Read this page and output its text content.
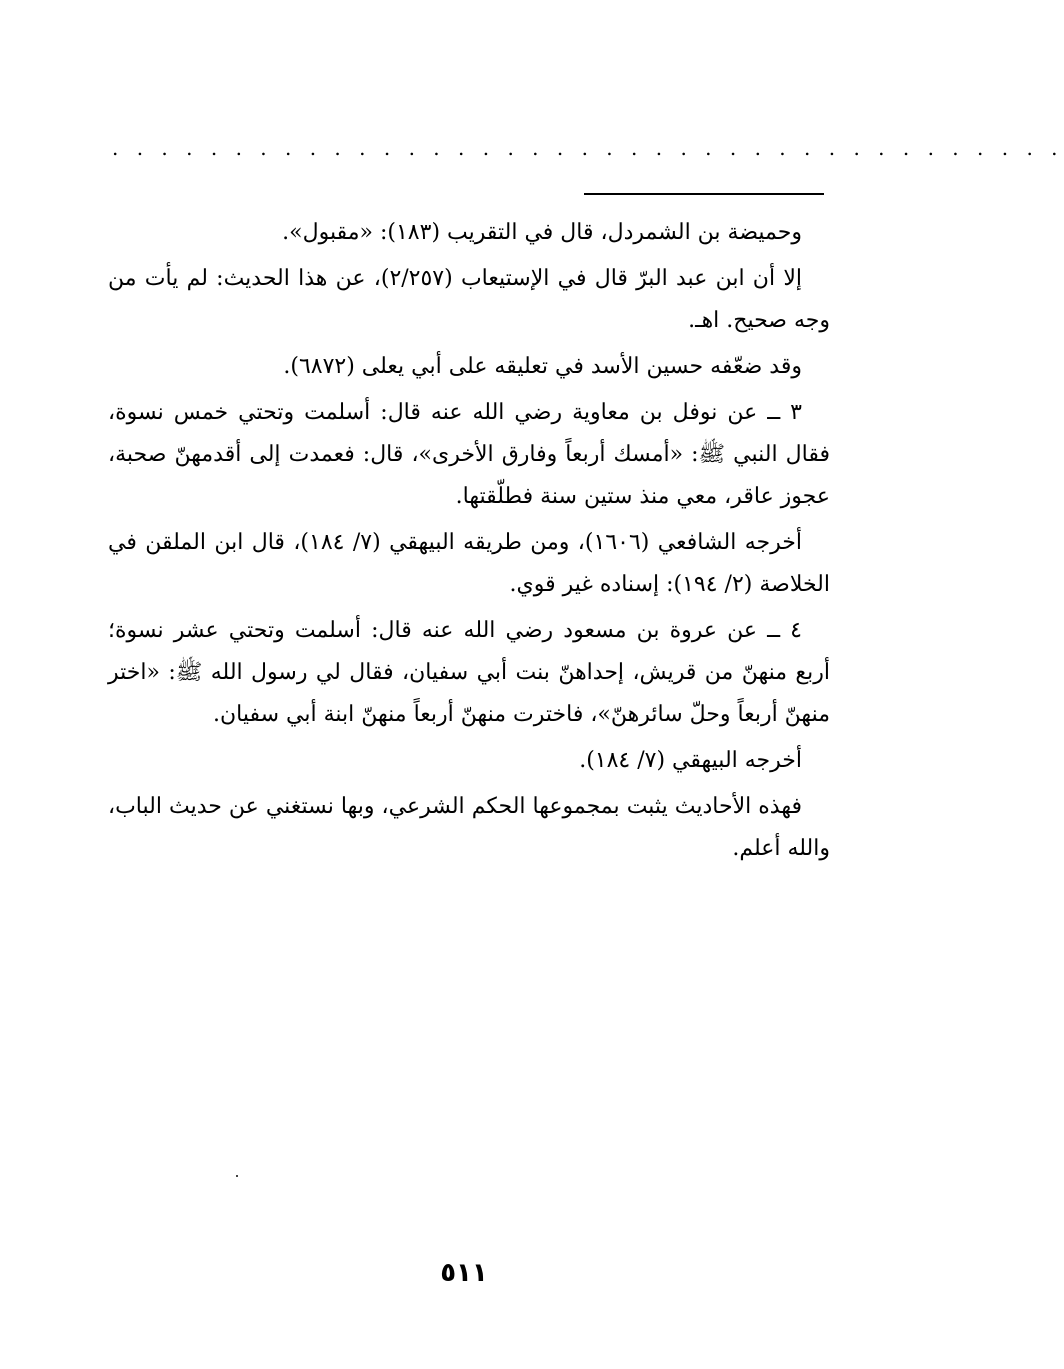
. . . . . . . . . . . . . . . . . . . . . . . . . . . . . . . . . . . . . . .

وحميضة بن الشمردل، قال في التقريب (١٨٣): «مقبول».

إلا أن ابن عبد البرّ قال في الإستيعاب (٢/٢٥٧)، عن هذا الحديث: لم يأت من وجه صحيح. اهـ.

وقد ضعّفه حسين الأسد في تعليقه على أبي يعلى (٦٨٧٢).

٣ ــ عن نوفل بن معاوية رضي الله عنه قال: أسلمت وتحتي خمس نسوة، فقال النبي ﷺ: «أمسك أربعاً وفارق الأخرى»، قال: فعمدت إلى أقدمهنّ صحبة، عجوز عاقر، معي منذ ستين سنة فطلّقتها.

أخرجه الشافعي (١٦٠٦)، ومن طريقه البيهقي (٧/ ١٨٤)، قال ابن الملقن في الخلاصة (٢/ ١٩٤): إسناده غير قوي.

٤ ــ عن عروة بن مسعود رضي الله عنه قال: أسلمت وتحتي عشر نسوة؛ أربع منهنّ من قريش، إحداهنّ بنت أبي سفيان، فقال لي رسول الله ﷺ: «اختر منهنّ أربعاً وحلّ سائرهنّ»، فاخترت منهنّ أربعاً منهنّ ابنة أبي سفيان.

أخرجه البيهقي (٧/ ١٨٤).

فهذه الأحاديث يثبت بمجموعها الحكم الشرعي، وبها نستغني عن حديث الباب، والله أعلم.

٥١١
